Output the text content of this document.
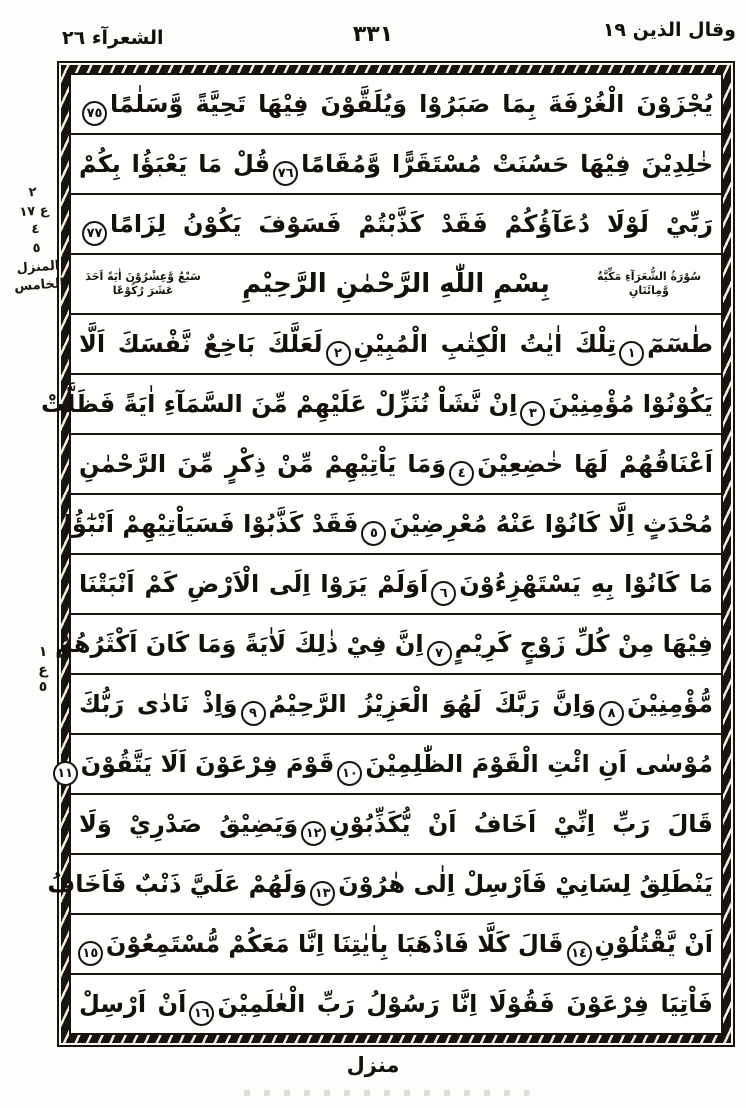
الشعرآء ٢٦	٣٣١	وقال الذين ١٩
يُجْزَوْنَ الْغُرْفَةَ بِمَا صَبَرُوْا وَيُلَقَّوْنَ فِيْهَا تَحِيَّةً وَّسَلٰمًا٧٥
خٰلِدِيْنَ فِيْهَا حَسُنَتْ مُسْتَقَرًّا وَّمُقَامًا٧٦قُلْ مَا يَعْبَؤُا بِكُمْ
رَبِّيْ لَوْلَا دُعَآؤُكُمْ فَقَدْ كَذَّبْتُمْ فَسَوْفَ يَكُوْنُ لِزَامًا٧٧
سُوْرَةُ الشُّعَرَآءِ مَكِّيَّةٌ وَّمِائَتَانِ
بِسْمِ اللّٰهِ الرَّحْمٰنِ الرَّحِيْمِ
سَبْعٌ وَّعِشْرُوْنَ اٰيَةً اَحَدَ عَشَرَ رُكُوْعًا
طٰسٓمٓ١تِلْكَ اٰيٰتُ الْكِتٰبِ الْمُبِيْنِ٢لَعَلَّكَ بَاخِعٌ نَّفْسَكَ اَلَّا
يَكُوْنُوْا مُؤْمِنِيْنَ٣اِنْ نَّشَاْ نُنَزِّلْ عَلَيْهِمْ مِّنَ السَّمَآءِ اٰيَةً فَظَلَّتْ
اَعْنَاقُهُمْ لَهَا خٰضِعِيْنَ٤وَمَا يَاْتِيْهِمْ مِّنْ ذِكْرٍ مِّنَ الرَّحْمٰنِ
مُحْدَثٍ اِلَّا كَانُوْا عَنْهُ مُعْرِضِيْنَ٥فَقَدْ كَذَّبُوْا فَسَيَاْتِيْهِمْ اَنْبٰٓؤُا
مَا كَانُوْا بِهِ يَسْتَهْزِءُوْنَ٦اَوَلَمْ يَرَوْا اِلَى الْاَرْضِ كَمْ اَنْبَتْنَا
فِيْهَا مِنْ كُلِّ زَوْجٍ كَرِيْمٍ٧اِنَّ فِيْ ذٰلِكَ لَاٰيَةً وَمَا كَانَ اَكْثَرُهُمْ
مُّؤْمِنِيْنَ٨وَاِنَّ رَبَّكَ لَهُوَ الْعَزِيْزُ الرَّحِيْمُ٩وَاِذْ نَادٰى رَبُّكَ
مُوْسٰى اَنِ ائْتِ الْقَوْمَ الظّٰلِمِيْنَ١٠قَوْمَ فِرْعَوْنَ اَلَا يَتَّقُوْنَ١١
قَالَ رَبِّ اِنِّيْ اَخَافُ اَنْ يُّكَذِّبُوْنِ١٢وَيَضِيْقُ صَدْرِيْ وَلَا
يَنْطَلِقُ لِسَانِيْ فَاَرْسِلْ اِلٰى هٰرُوْنَ١٣وَلَهُمْ عَلَيَّ ذَنْبٌ فَاَخَافُ
اَنْ يَّقْتُلُوْنِ١٤قَالَ كَلَّا فَاذْهَبَا بِاٰيٰتِنَا اِنَّا مَعَكُمْ مُّسْتَمِعُوْنَ١٥
فَاْتِيَا فِرْعَوْنَ فَقُوْلَا اِنَّا رَسُوْلُ رَبِّ الْعٰلَمِيْنَ١٦اَنْ اَرْسِلْ
٢
ع ١٧
٤
٥
المنزل
الخامس
١
ع
٥
منزل
